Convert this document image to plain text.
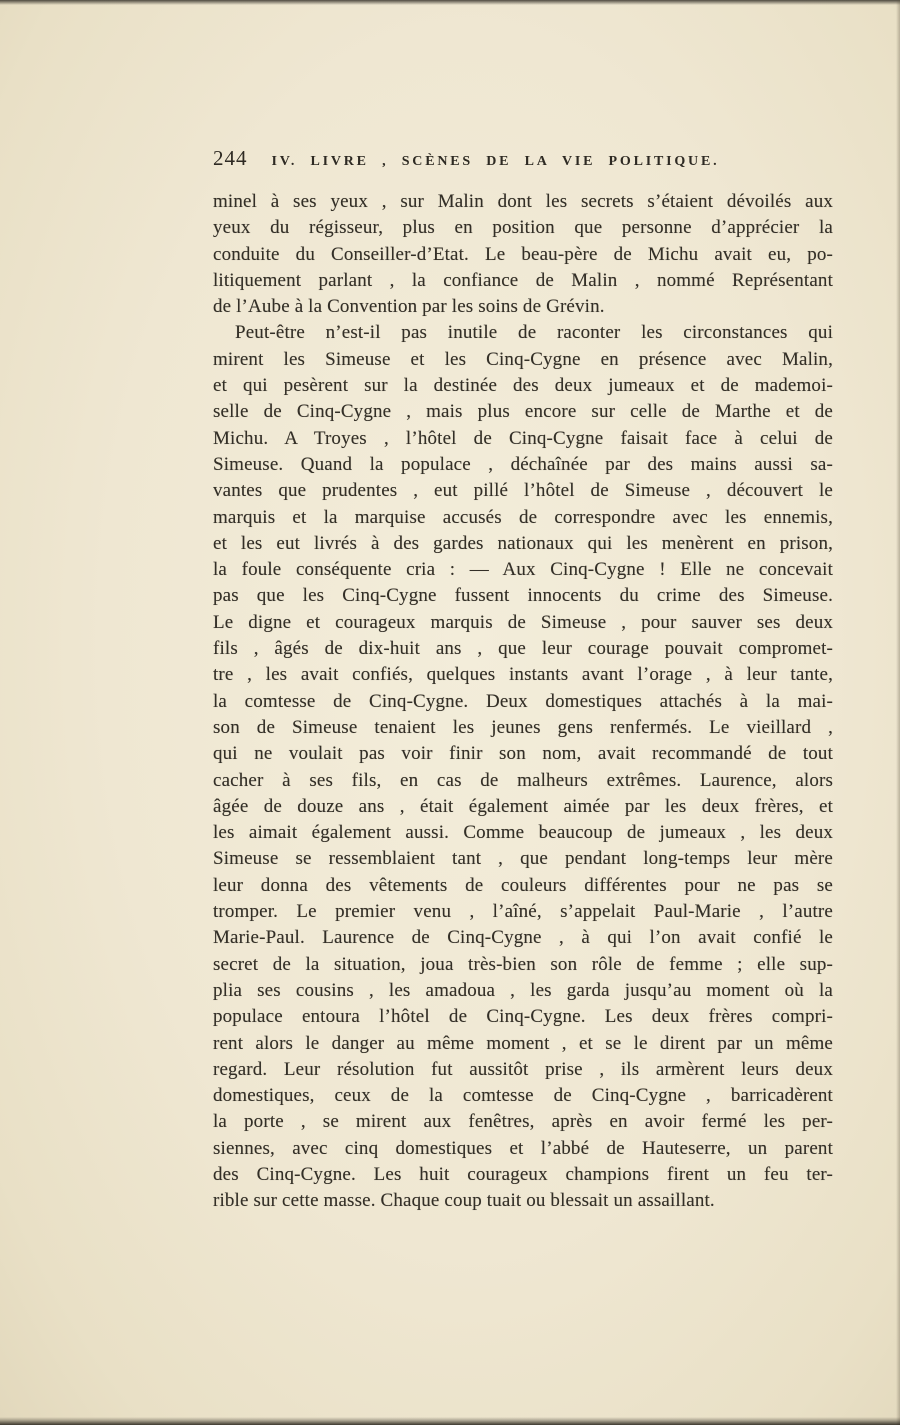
244 IV. LIVRE , SCÈNES DE LA VIE POLITIQUE.
minel à ses yeux , sur Malin dont les secrets s’étaient dévoilés aux
yeux du régisseur, plus en position que personne d’apprécier la
conduite du Conseiller-d’Etat. Le beau-père de Michu avait eu, po-
litiquement parlant , la confiance de Malin , nommé Représentant
de l’Aube à la Convention par les soins de Grévin.
Peut-être n’est-il pas inutile de raconter les circonstances qui
mirent les Simeuse et les Cinq-Cygne en présence avec Malin,
et qui pesèrent sur la destinée des deux jumeaux et de mademoi-
selle de Cinq-Cygne , mais plus encore sur celle de Marthe et de
Michu. A Troyes , l’hôtel de Cinq-Cygne faisait face à celui de
Simeuse. Quand la populace , déchaînée par des mains aussi sa-
vantes que prudentes , eut pillé l’hôtel de Simeuse , découvert le
marquis et la marquise accusés de correspondre avec les ennemis,
et les eut livrés à des gardes nationaux qui les menèrent en prison,
la foule conséquente cria : — Aux Cinq-Cygne ! Elle ne concevait
pas que les Cinq-Cygne fussent innocents du crime des Simeuse.
Le digne et courageux marquis de Simeuse , pour sauver ses deux
fils , âgés de dix-huit ans , que leur courage pouvait compromet-
tre , les avait confiés, quelques instants avant l’orage , à leur tante,
la comtesse de Cinq-Cygne. Deux domestiques attachés à la mai-
son de Simeuse tenaient les jeunes gens renfermés. Le vieillard ,
qui ne voulait pas voir finir son nom, avait recommandé de tout
cacher à ses fils, en cas de malheurs extrêmes. Laurence, alors
âgée de douze ans , était également aimée par les deux frères, et
les aimait également aussi. Comme beaucoup de jumeaux , les deux
Simeuse se ressemblaient tant , que pendant long-temps leur mère
leur donna des vêtements de couleurs différentes pour ne pas se
tromper. Le premier venu , l’aîné, s’appelait Paul-Marie , l’autre
Marie-Paul. Laurence de Cinq-Cygne , à qui l’on avait confié le
secret de la situation, joua très-bien son rôle de femme ; elle sup-
plia ses cousins , les amadoua , les garda jusqu’au moment où la
populace entoura l’hôtel de Cinq-Cygne. Les deux frères compri-
rent alors le danger au même moment , et se le dirent par un même
regard. Leur résolution fut aussitôt prise , ils armèrent leurs deux
domestiques, ceux de la comtesse de Cinq-Cygne , barricadèrent
la porte , se mirent aux fenêtres, après en avoir fermé les per-
siennes, avec cinq domestiques et l’abbé de Hauteserre, un parent
des Cinq-Cygne. Les huit courageux champions firent un feu ter-
rible sur cette masse. Chaque coup tuait ou blessait un assaillant.
